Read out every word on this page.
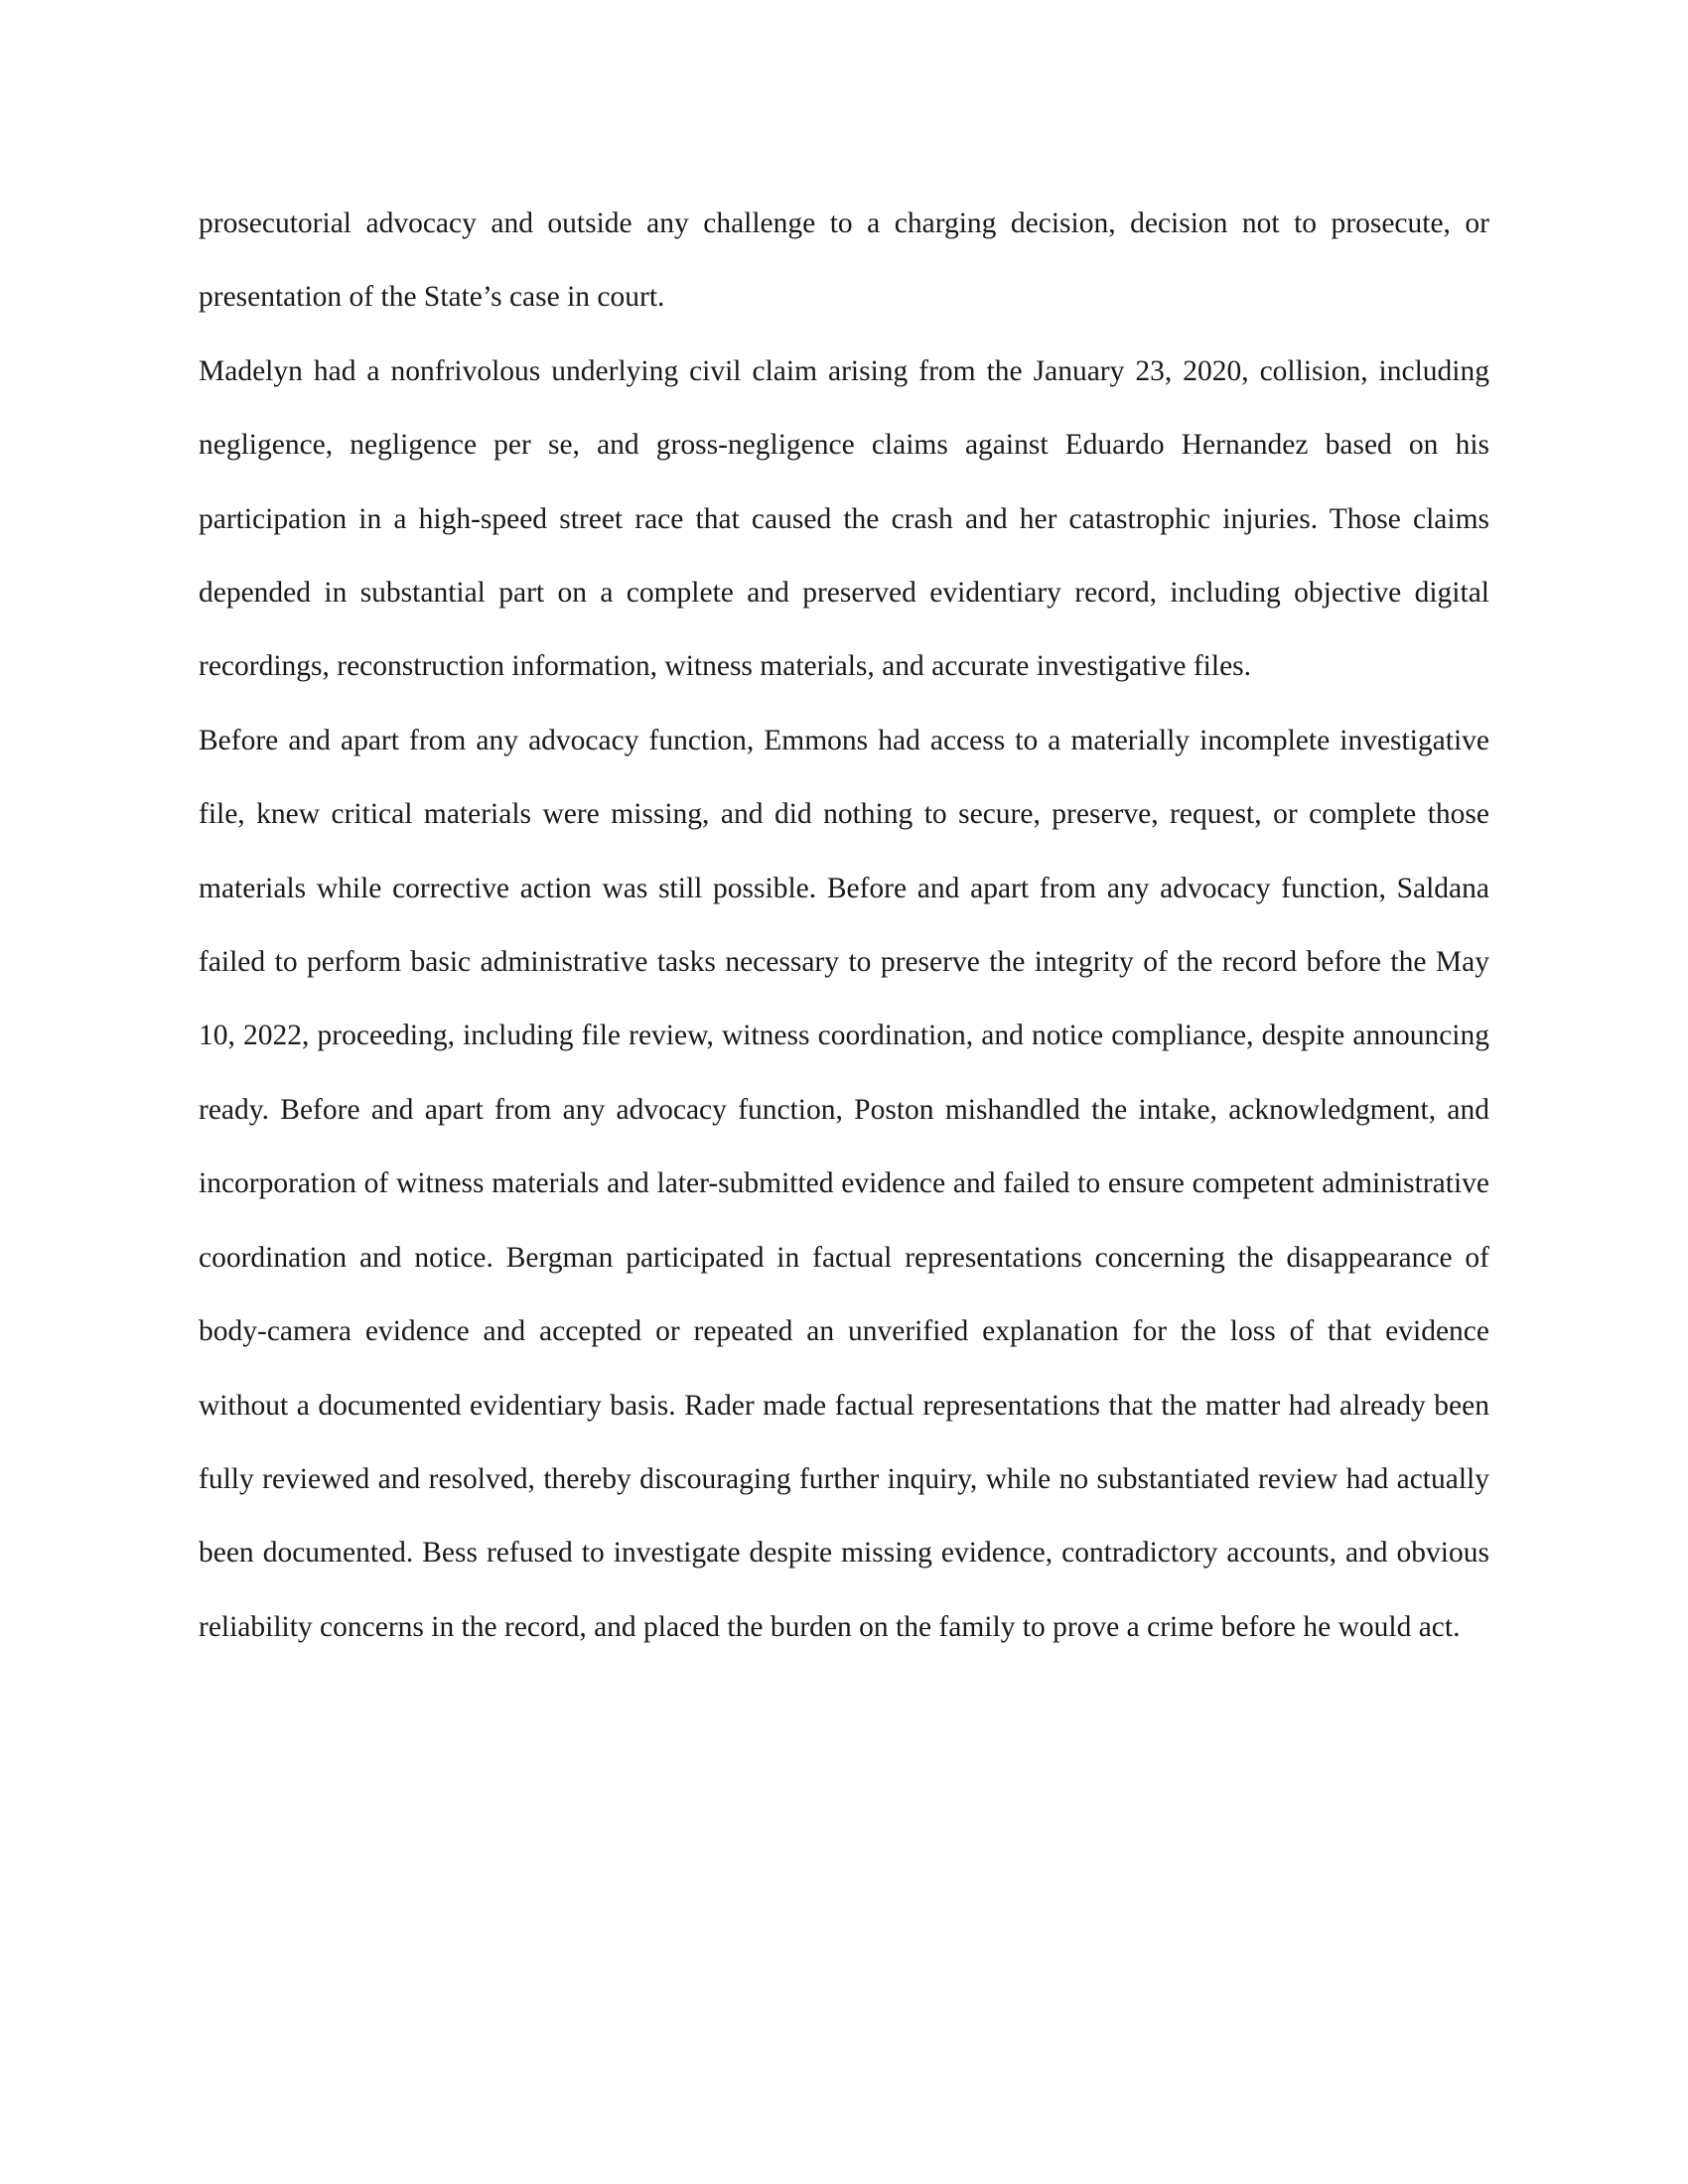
prosecutorial advocacy and outside any challenge to a charging decision, decision not to prosecute, or presentation of the State’s case in court.

Madelyn had a nonfrivolous underlying civil claim arising from the January 23, 2020, collision, including negligence, negligence per se, and gross-negligence claims against Eduardo Hernandez based on his participation in a high-speed street race that caused the crash and her catastrophic injuries. Those claims depended in substantial part on a complete and preserved evidentiary record, including objective digital recordings, reconstruction information, witness materials, and accurate investigative files.

Before and apart from any advocacy function, Emmons had access to a materially incomplete investigative file, knew critical materials were missing, and did nothing to secure, preserve, request, or complete those materials while corrective action was still possible. Before and apart from any advocacy function, Saldana failed to perform basic administrative tasks necessary to preserve the integrity of the record before the May 10, 2022, proceeding, including file review, witness coordination, and notice compliance, despite announcing ready. Before and apart from any advocacy function, Poston mishandled the intake, acknowledgment, and incorporation of witness materials and later-submitted evidence and failed to ensure competent administrative coordination and notice. Bergman participated in factual representations concerning the disappearance of body-camera evidence and accepted or repeated an unverified explanation for the loss of that evidence without a documented evidentiary basis. Rader made factual representations that the matter had already been fully reviewed and resolved, thereby discouraging further inquiry, while no substantiated review had actually been documented. Bess refused to investigate despite missing evidence, contradictory accounts, and obvious reliability concerns in the record, and placed the burden on the family to prove a crime before he would act.
